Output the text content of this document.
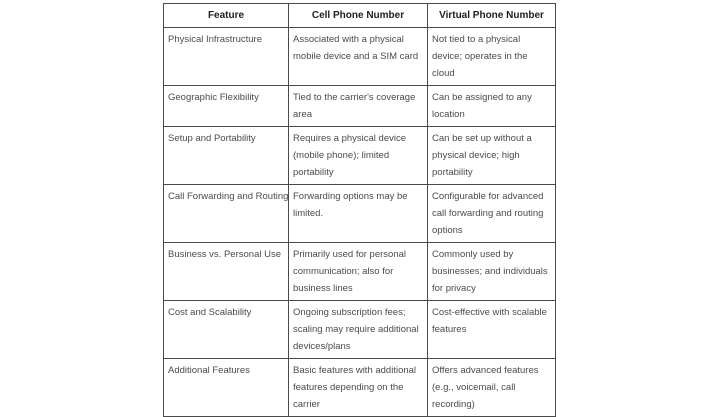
Feature	Cell Phone Number	Virtual Phone Number
Physical Infrastructure	Associated with a physical mobile device and a SIM card	Not tied to a physical device; operates in the cloud
Geographic Flexibility	Tied to the carrier's coverage area	Can be assigned to any location
Setup and Portability	Requires a physical device (mobile phone); limited portability	Can be set up without a physical device; high portability
Call Forwarding and Routing	Forwarding options may be limited.	Configurable for advanced call forwarding and routing options
Business vs. Personal Use	Primarily used for personal communication; also for business lines	Commonly used by businesses; and individuals for privacy
Cost and Scalability	Ongoing subscription fees; scaling may require additional devices/plans	Cost-effective with scalable features
Additional Features	Basic features with additional features depending on the carrier	Offers advanced features (e.g., voicemail, call recording)
